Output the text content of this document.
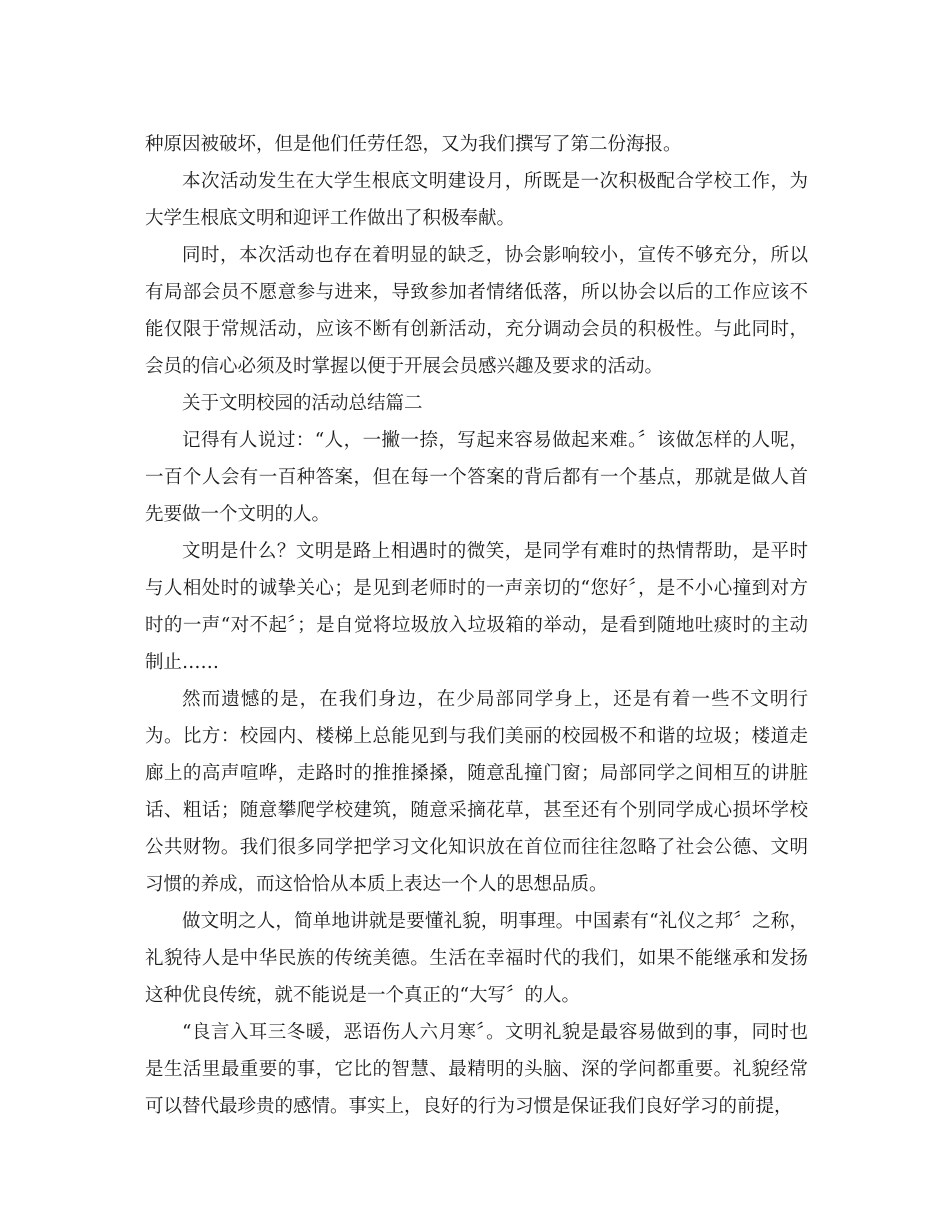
种原因被破坏，但是他们任劳任怨，又为我们撰写了第二份海报。

本次活动发生在大学生根底文明建设月，所既是一次积极配合学校工作，为大学生根底文明和迎评工作做出了积极奉献。

同时，本次活动也存在着明显的缺乏，协会影响较小，宣传不够充分，所以有局部会员不愿意参与进来，导致参加者情绪低落，所以协会以后的工作应该不能仅限于常规活动，应该不断有创新活动，充分调动会员的积极性。与此同时，会员的信心必须及时掌握以便于开展会员感兴趣及要求的活动。

关于文明校园的活动总结篇二

记得有人说过：“人，一撇一捺，写起来容易做起来难。〞该做怎样的人呢，一百个人会有一百种答案，但在每一个答案的背后都有一个基点，那就是做人首先要做一个文明的人。

文明是什么？文明是路上相遇时的微笑，是同学有难时的热情帮助，是平时与人相处时的诚挚关心；是见到老师时的一声亲切的“您好〞，是不小心撞到对方时的一声“对不起〞；是自觉将垃圾放入垃圾箱的举动，是看到随地吐痰时的主动制止……

然而遗憾的是，在我们身边，在少局部同学身上，还是有着一些不文明行为。比方：校园内、楼梯上总能见到与我们美丽的校园极不和谐的垃圾；楼道走廊上的高声喧哗，走路时的推推搡搡，随意乱撞门窗；局部同学之间相互的讲脏话、粗话；随意攀爬学校建筑，随意采摘花草，甚至还有个别同学成心损坏学校公共财物。我们很多同学把学习文化知识放在首位而往往忽略了社会公德、文明习惯的养成，而这恰恰从本质上表达一个人的思想品质。

做文明之人，简单地讲就是要懂礼貌，明事理。中国素有“礼仪之邦〞之称，礼貌待人是中华民族的传统美德。生活在幸福时代的我们，如果不能继承和发扬这种优良传统，就不能说是一个真正的“大写〞的人。

“良言入耳三冬暖，恶语伤人六月寒〞。文明礼貌是最容易做到的事，同时也是生活里最重要的事，它比的智慧、最精明的头脑、深的学问都重要。礼貌经常可以替代最珍贵的感情。事实上，良好的行为习惯是保证我们良好学习的前提，
